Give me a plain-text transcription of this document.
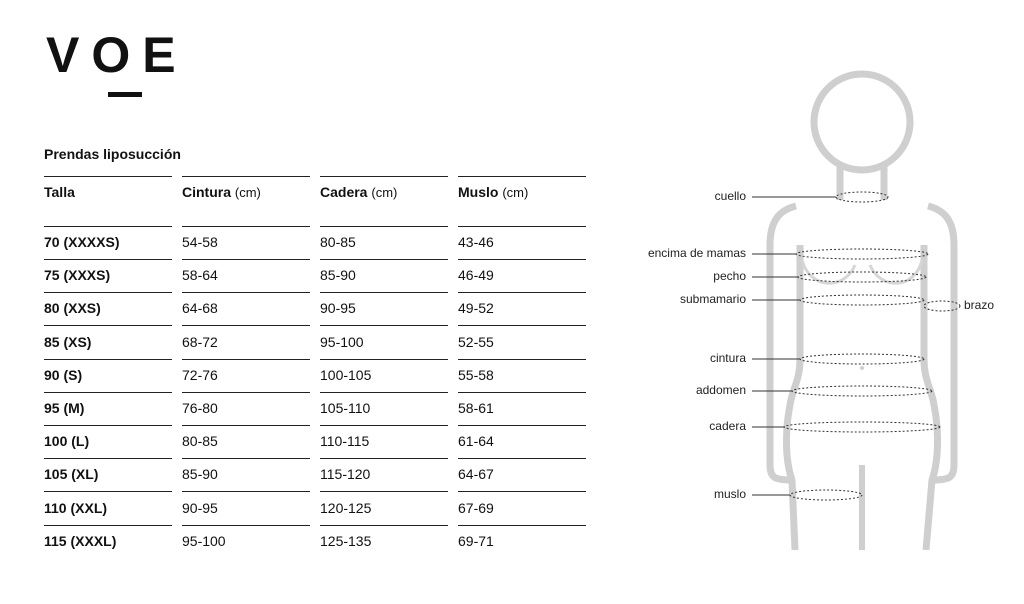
VOE
Prendas liposucción
Talla	Cintura (cm)	Cadera (cm)	Muslo (cm)
70 (XXXXS)	54-58	80-85	43-46
75 (XXXS)	58-64	85-90	46-49
80 (XXS)	64-68	90-95	49-52
85 (XS)	68-72	95-100	52-55
90 (S)	72-76	100-105	55-58
95 (M)	76-80	105-110	58-61
100 (L)	80-85	110-115	61-64
105 (XL)	85-90	115-120	64-67
110 (XXL)	90-95	120-125	67-69
115 (XXXL)	95-100	125-135	69-71
cuello
encima de mamas
pecho
submamario	brazo
cintura
addomen
cadera
muslo
